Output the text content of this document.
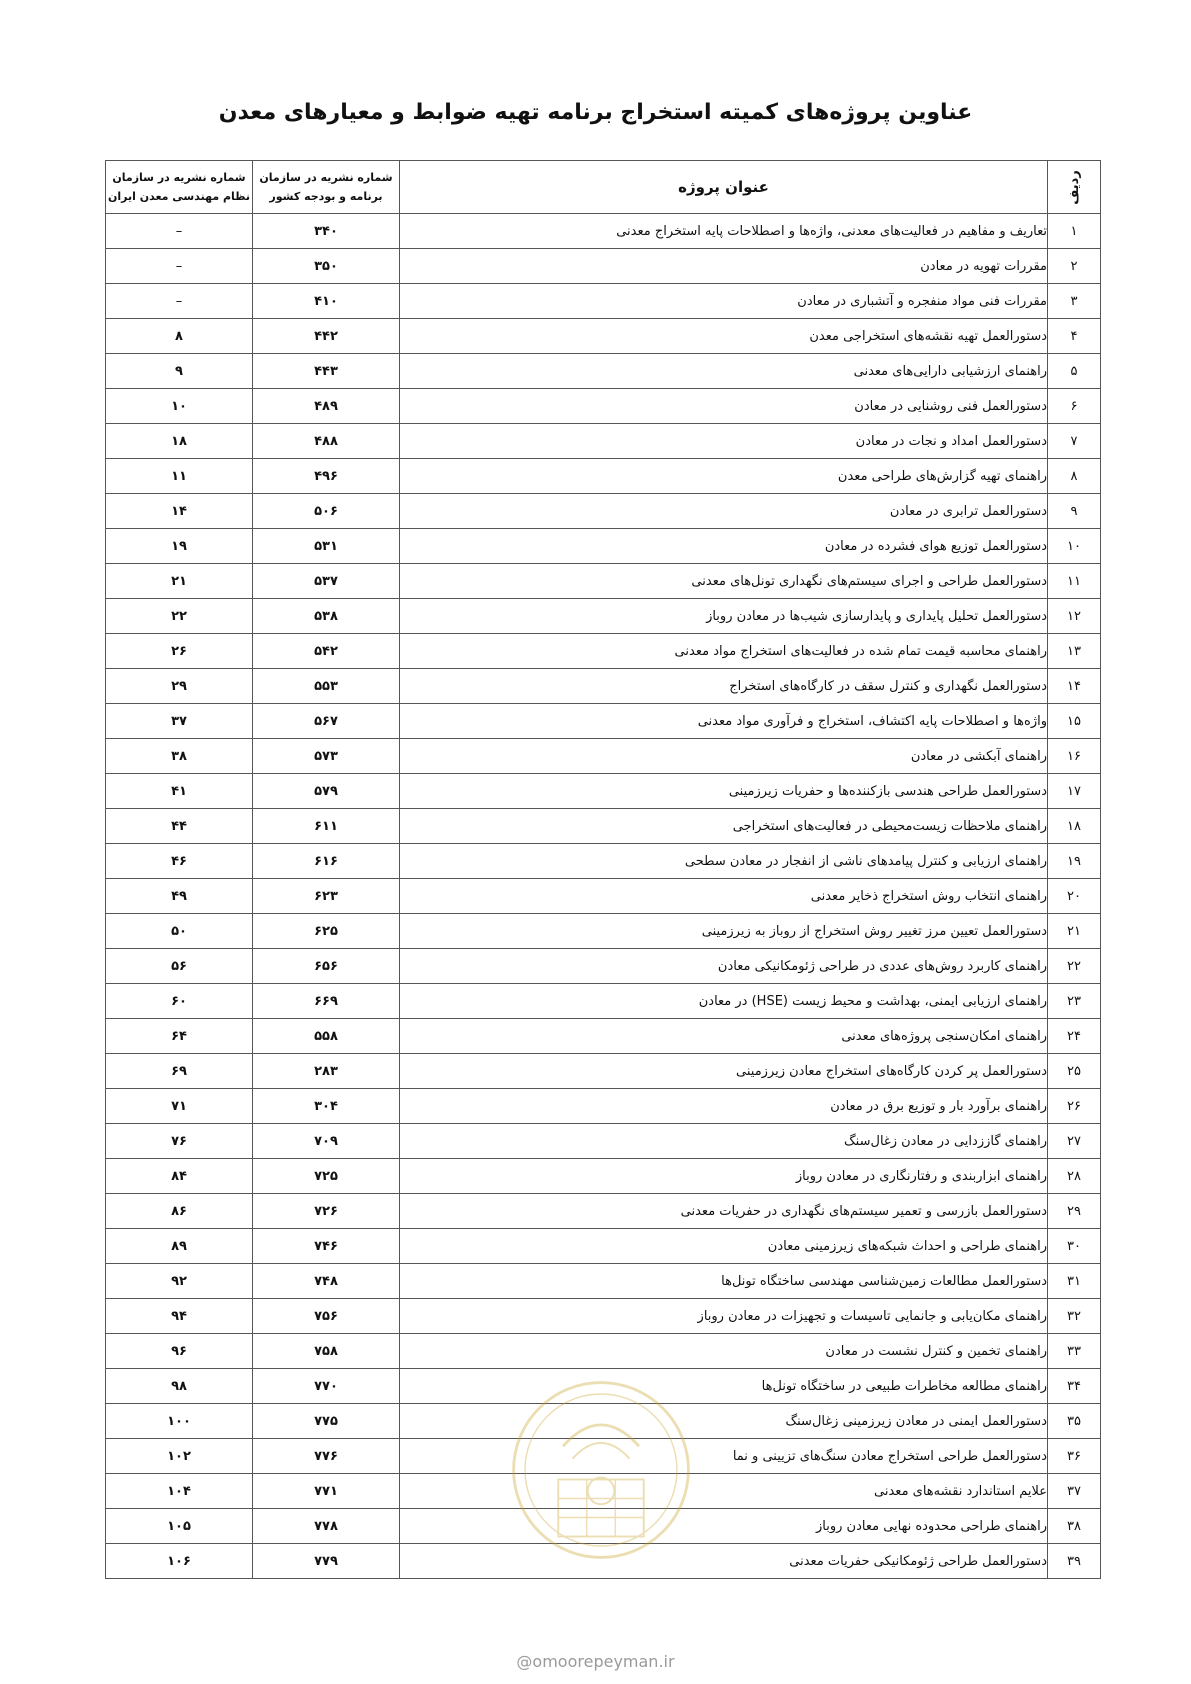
عناوین پروژه‌های کمیته استخراج برنامه تهیه ضوابط و معیارهای معدن
ردیف	عنوان پروژه	شماره نشریه در سازمان برنامه و بودجه کشور	شماره نشریه در سازمان نظام مهندسی معدن ایران
۱	تعاریف و مفاهیم در فعالیت‌های معدنی، واژه‌ها و اصطلاحات پایه استخراج معدنی	۳۴۰	–
۲	مقررات تهویه در معادن	۳۵۰	–
۳	مقررات فنی مواد منفجره و آتشباری در معادن	۴۱۰	–
۴	دستورالعمل تهیه نقشه‌های استخراجی معدن	۴۴۲	۸
۵	راهنمای ارزشیابی دارایی‌های معدنی	۴۴۳	۹
۶	دستورالعمل فنی روشنایی در معادن	۴۸۹	۱۰
۷	دستورالعمل امداد و نجات در معادن	۴۸۸	۱۸
۸	راهنمای تهیه گزارش‌های طراحی معدن	۴۹۶	۱۱
۹	دستورالعمل ترابری در معادن	۵۰۶	۱۴
۱۰	دستورالعمل توزیع هوای فشرده در معادن	۵۳۱	۱۹
۱۱	دستورالعمل طراحی و اجرای سیستم‌های نگهداری تونل‌های معدنی	۵۳۷	۲۱
۱۲	دستورالعمل تحلیل پایداری و پایدارسازی شیب‌ها در معادن روباز	۵۳۸	۲۲
۱۳	راهنمای محاسبه قیمت تمام شده در فعالیت‌های استخراج مواد معدنی	۵۴۲	۲۶
۱۴	دستورالعمل نگهداری و کنترل سقف در کارگاه‌های استخراج	۵۵۳	۲۹
۱۵	واژه‌ها و اصطلاحات پایه اکتشاف، استخراج و فرآوری مواد معدنی	۵۶۷	۳۷
۱۶	راهنمای آبکشی در معادن	۵۷۳	۳۸
۱۷	دستورالعمل طراحی هندسی بازکننده‌ها و حفریات زیرزمینی	۵۷۹	۴۱
۱۸	راهنمای ملاحظات زیست‌محیطی در فعالیت‌های استخراجی	۶۱۱	۴۴
۱۹	راهنمای ارزیابی و کنترل پیامدهای ناشی از انفجار در معادن سطحی	۶۱۶	۴۶
۲۰	راهنمای انتخاب روش استخراج ذخایر معدنی	۶۲۳	۴۹
۲۱	دستورالعمل تعیین مرز تغییر روش استخراج از روباز به زیرزمینی	۶۲۵	۵۰
۲۲	راهنمای کاربرد روش‌های عددی در طراحی ژئومکانیکی معادن	۶۵۶	۵۶
۲۳	راهنمای ارزیابی ایمنی، بهداشت و محیط زیست (HSE) در معادن	۶۶۹	۶۰
۲۴	راهنمای امکان‌سنجی پروژه‌های معدنی	۵۵۸	۶۴
۲۵	دستورالعمل پر کردن کارگاه‌های استخراج معادن زیرزمینی	۲۸۳	۶۹
۲۶	راهنمای برآورد بار و توزیع برق در معادن	۳۰۴	۷۱
۲۷	راهنمای گاززدایی در معادن زغال‌سنگ	۷۰۹	۷۶
۲۸	راهنمای ابزاربندی و رفتارنگاری در معادن روباز	۷۲۵	۸۴
۲۹	دستورالعمل بازرسی و تعمیر سیستم‌های نگهداری در حفریات معدنی	۷۲۶	۸۶
۳۰	راهنمای طراحی و احداث شبکه‌های زیرزمینی معادن	۷۴۶	۸۹
۳۱	دستورالعمل مطالعات زمین‌شناسی مهندسی ساختگاه تونل‌ها	۷۴۸	۹۲
۳۲	راهنمای مکان‌یابی و جانمایی تاسیسات و تجهیزات در معادن روباز	۷۵۶	۹۴
۳۳	راهنمای تخمین و کنترل نشست در معادن	۷۵۸	۹۶
۳۴	راهنمای مطالعه مخاطرات طبیعی در ساختگاه تونل‌ها	۷۷۰	۹۸
۳۵	دستورالعمل ایمنی در معادن زیرزمینی زغال‌سنگ	۷۷۵	۱۰۰
۳۶	دستورالعمل طراحی استخراج معادن سنگ‌های تزیینی و نما	۷۷۶	۱۰۲
۳۷	علایم استاندارد نقشه‌های معدنی	۷۷۱	۱۰۴
۳۸	راهنمای طراحی محدوده نهایی معادن روباز	۷۷۸	۱۰۵
۳۹	دستورالعمل طراحی ژئومکانیکی حفریات معدنی	۷۷۹	۱۰۶
@omoorepeyman.ir
